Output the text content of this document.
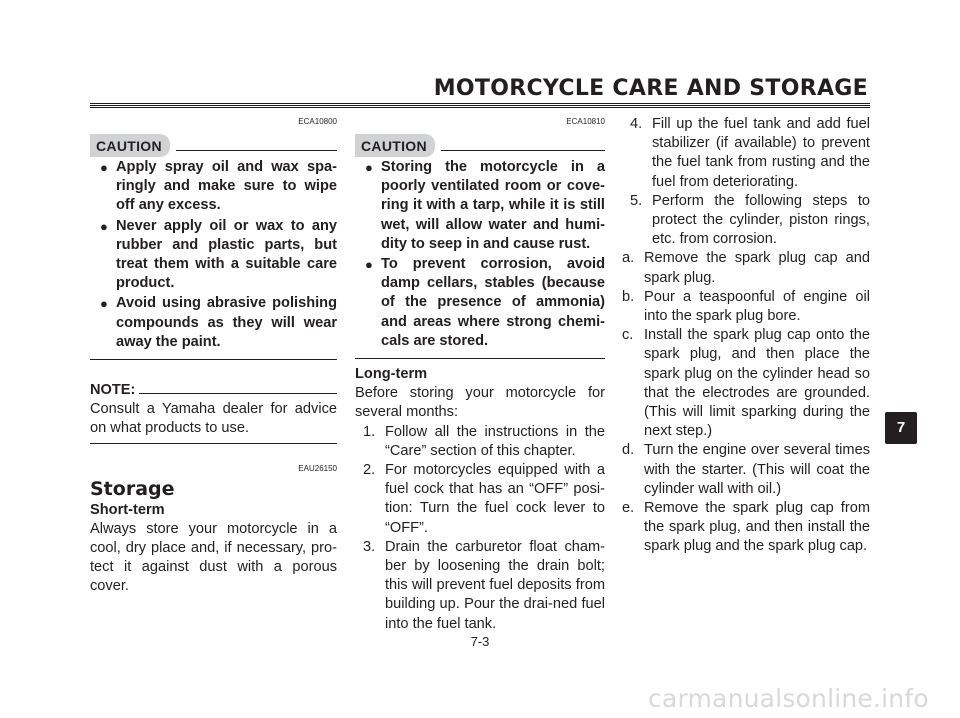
MOTORCYCLE CARE AND STORAGE
ECA10800
CAUTION
● Apply spray oil and wax spa-ringly and make sure to wipe off any excess.
● Never apply oil or wax to any rubber and plastic parts, but treat them with a suitable care product.
● Avoid using abrasive polishing compounds as they will wear away the paint.
NOTE:
Consult a Yamaha dealer for advice on what products to use.
EAU26150
Storage
Short-term
Always store your motorcycle in a cool, dry place and, if necessary, pro-tect it against dust with a porous cover.
ECA10810
CAUTION
● Storing the motorcycle in a poorly ventilated room or cove-ring it with a tarp, while it is still wet, will allow water and humi-dity to seep in and cause rust.
● To prevent corrosion, avoid damp cellars, stables (because of the presence of ammonia) and areas where strong chemi-cals are stored.
Long-term
Before storing your motorcycle for several months:
1. Follow all the instructions in the “Care” section of this chapter.
2. For motorcycles equipped with a fuel cock that has an “OFF” posi-tion: Turn the fuel cock lever to “OFF”.
3. Drain the carburetor float cham-ber by loosening the drain bolt; this will prevent fuel deposits from building up. Pour the drai-ned fuel into the fuel tank.
4. Fill up the fuel tank and add fuel stabilizer (if available) to prevent the fuel tank from rusting and the fuel from deteriorating.
5. Perform the following steps to protect the cylinder, piston rings, etc. from corrosion.
a. Remove the spark plug cap and spark plug.
b. Pour a teaspoonful of engine oil into the spark plug bore.
c. Install the spark plug cap onto the spark plug, and then place the spark plug on the cylinder head so that the electrodes are grounded. (This will limit sparking during the next step.)
d. Turn the engine over several times with the starter. (This will coat the cylinder wall with oil.)
e. Remove the spark plug cap from the spark plug, and then install the spark plug and the spark plug cap.
7
7-3
carmanualsonline.info
